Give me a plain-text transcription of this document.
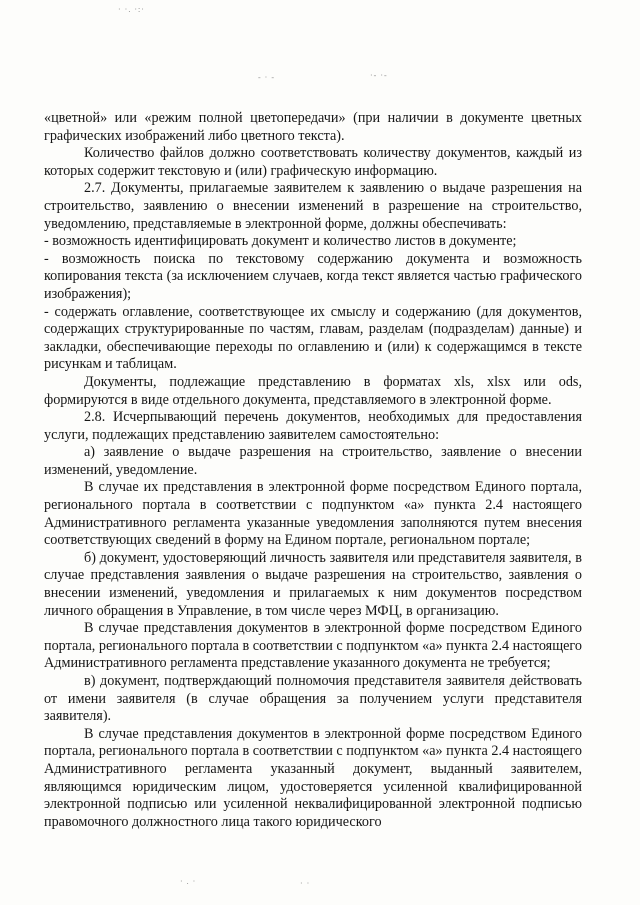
· ·. ·:·
- · -	·- ·-

«цветной» или «режим полной цветопередачи» (при наличии в документе цветных графических изображений либо цветного текста).

Количество файлов должно соответствовать количеству документов, каждый из которых содержит текстовую и (или) графическую информацию.

2.7. Документы, прилагаемые заявителем к заявлению о выдаче разрешения на строительство, заявлению о внесении изменений в разрешение на строительство, уведомлению, представляемые в электронной форме, должны обеспечивать:

- возможность идентифицировать документ и количество листов в документе;

- возможность поиска по текстовому содержанию документа и возможность копирования текста (за исключением случаев, когда текст является частью графического изображения);

- содержать оглавление, соответствующее их смыслу и содержанию (для документов, содержащих структурированные по частям, главам, разделам (подразделам) данные) и закладки, обеспечивающие переходы по оглавлению и (или) к содержащимся в тексте рисункам и таблицам.

Документы, подлежащие представлению в форматах xls, xlsx или ods, формируются в виде отдельного документа, представляемого в электронной форме.

2.8. Исчерпывающий перечень документов, необходимых для предоставления услуги, подлежащих представлению заявителем самостоятельно:

а) заявление о выдаче разрешения на строительство, заявление о внесении изменений, уведомление.

В случае их представления в электронной форме посредством Единого портала, регионального портала в соответствии с подпунктом «а» пункта 2.4 настоящего Административного регламента указанные уведомления заполняются путем внесения соответствующих сведений в форму на Едином портале, региональном портале;

б) документ, удостоверяющий личность заявителя или представителя заявителя, в случае представления заявления о выдаче разрешения на строительство, заявления о внесении изменений, уведомления и прилагаемых к ним документов посредством личного обращения в Управление, в том числе через МФЦ, в организацию.

В случае представления документов в электронной форме посредством Единого портала, регионального портала в соответствии с подпунктом «а» пункта 2.4 настоящего Административного регламента представление указанного документа не требуется;

в) документ, подтверждающий полномочия представителя заявителя действовать от имени заявителя (в случае обращения за получением услуги представителя заявителя).

В случае представления документов в электронной форме посредством Единого портала, регионального портала в соответствии с подпунктом «а» пункта 2.4 настоящего Административного регламента указанный документ, выданный заявителем, являющимся юридическим лицом, удостоверяется усиленной квалифицированной электронной подписью или усиленной неквалифицированной электронной подписью правомочного должностного лица такого юридического

· . ·	· ·
